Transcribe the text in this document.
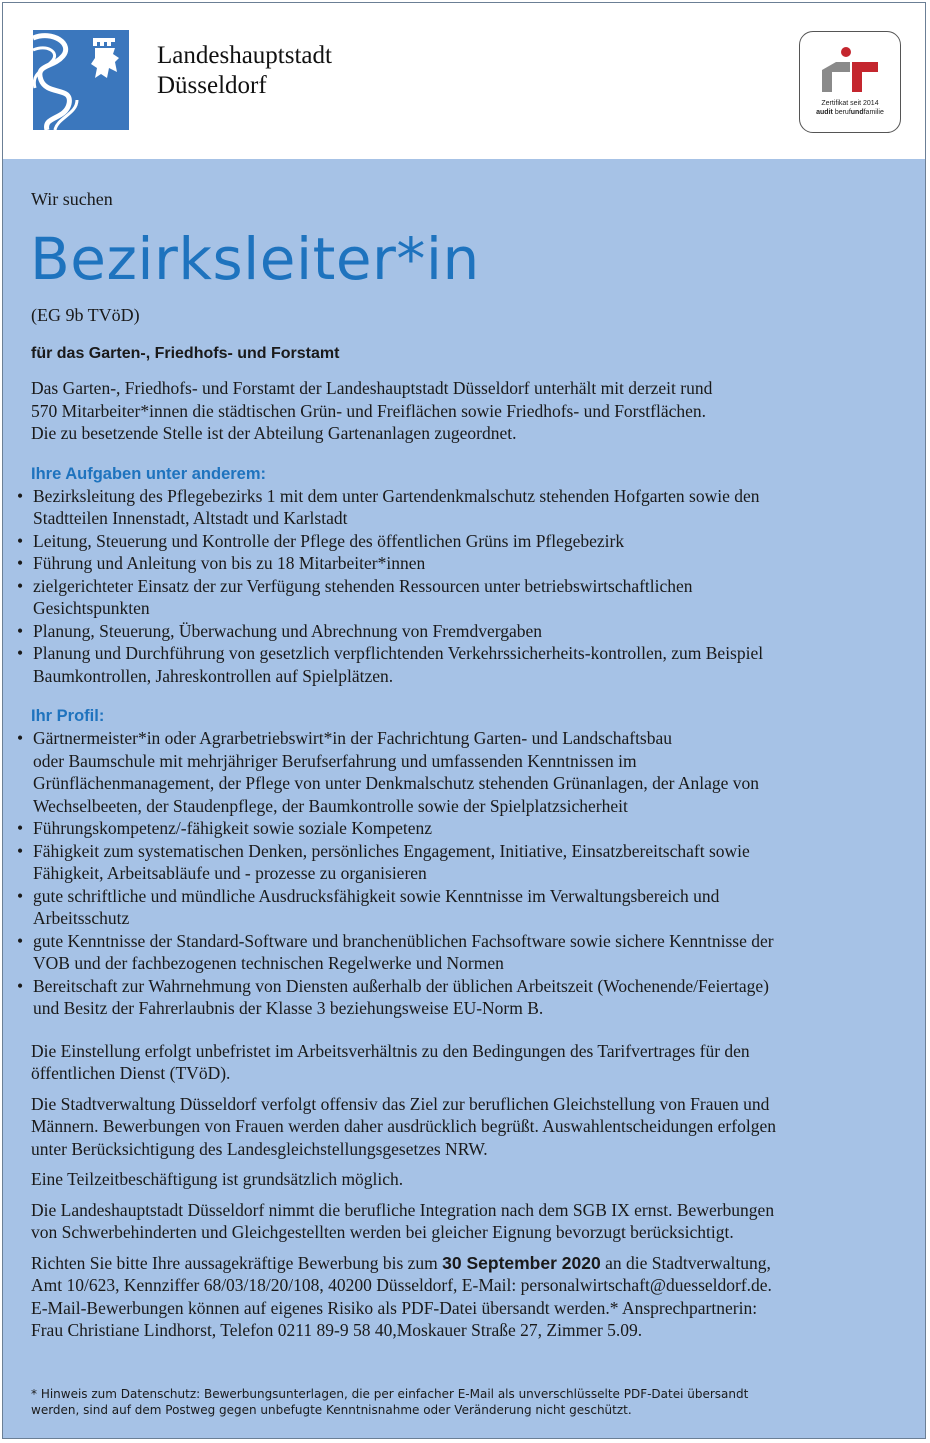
Landeshauptstadt
Düsseldorf
Zertifikat seit 2014
audit berufundfamilie
Wir suchen
Bezirksleiter*in
(EG 9b TVöD)
für das Garten-, Friedhofs- und Forstamt

Das Garten-, Friedhofs- und Forstamt der Landeshauptstadt Düsseldorf unterhält mit derzeit rund
570 Mitarbeiter*innen die städtischen Grün- und Freiflächen sowie Friedhofs- und Forstflächen.
Die zu besetzende Stelle ist der Abteilung Gartenanlagen zugeordnet.

Ihre Aufgaben unter anderem:
• Bezirksleitung des Pflegebezirks 1 mit dem unter Gartendenkmalschutz stehenden Hofgarten sowie den
Stadtteilen Innenstadt, Altstadt und Karlstadt
• Leitung, Steuerung und Kontrolle der Pflege des öffentlichen Grüns im Pflegebezirk
• Führung und Anleitung von bis zu 18 Mitarbeiter*innen
• zielgerichteter Einsatz der zur Verfügung stehenden Ressourcen unter betriebswirtschaftlichen
Gesichtspunkten
• Planung, Steuerung, Überwachung und Abrechnung von Fremdvergaben
• Planung und Durchführung von gesetzlich verpflichtenden Verkehrssicherheits-kontrollen, zum Beispiel
Baumkontrollen, Jahreskontrollen auf Spielplätzen.
Ihr Profil:
• Gärtnermeister*in oder Agrarbetriebswirt*in der Fachrichtung Garten- und Landschaftsbau
oder Baumschule mit mehrjähriger Berufserfahrung und umfassenden Kenntnissen im
Grünflächenmanagement, der Pflege von unter Denkmalschutz stehenden Grünanlagen, der Anlage von
Wechselbeeten, der Staudenpflege, der Baumkontrolle sowie der Spielplatzsicherheit
• Führungskompetenz/-fähigkeit sowie soziale Kompetenz
• Fähigkeit zum systematischen Denken, persönliches Engagement, Initiative, Einsatzbereitschaft sowie
Fähigkeit, Arbeitsabläufe und - prozesse zu organisieren
• gute schriftliche und mündliche Ausdrucksfähigkeit sowie Kenntnisse im Verwaltungsbereich und
Arbeitsschutz
• gute Kenntnisse der Standard-Software und branchenüblichen Fachsoftware sowie sichere Kenntnisse der
VOB und der fachbezogenen technischen Regelwerke und Normen
• Bereitschaft zur Wahrnehmung von Diensten außerhalb der üblichen Arbeitszeit (Wochenende/Feiertage)
und Besitz der Fahrerlaubnis der Klasse 3 beziehungsweise EU-Norm B.

Die Einstellung erfolgt unbefristet im Arbeitsverhältnis zu den Bedingungen des Tarifvertrages für den
öffentlichen Dienst (TVöD).

Die Stadtverwaltung Düsseldorf verfolgt offensiv das Ziel zur beruflichen Gleichstellung von Frauen und
Männern. Bewerbungen von Frauen werden daher ausdrücklich begrüßt. Auswahlentscheidungen erfolgen
unter Berücksichtigung des Landesgleichstellungsgesetzes NRW.

Eine Teilzeitbeschäftigung ist grundsätzlich möglich.

Die Landeshauptstadt Düsseldorf nimmt die berufliche Integration nach dem SGB IX ernst. Bewerbungen
von Schwerbehinderten und Gleichgestellten werden bei gleicher Eignung bevorzugt berücksichtigt.

Richten Sie bitte Ihre aussagekräftige Bewerbung bis zum 30 September 2020 an die Stadtverwaltung,
Amt 10/623, Kennziffer 68/03/18/20/108, 40200 Düsseldorf, E-Mail: personalwirtschaft@duesseldorf.de.
E-Mail-Bewerbungen können auf eigenes Risiko als PDF-Datei übersandt werden.* Ansprechpartnerin:
Frau Christiane Lindhorst, Telefon 0211 89-9 58 40,Moskauer Straße 27, Zimmer 5.09.

* Hinweis zum Datenschutz: Bewerbungsunterlagen, die per einfacher E-Mail als unverschlüsselte PDF-Datei übersandt
werden, sind auf dem Postweg gegen unbefugte Kenntnisnahme oder Veränderung nicht geschützt.
